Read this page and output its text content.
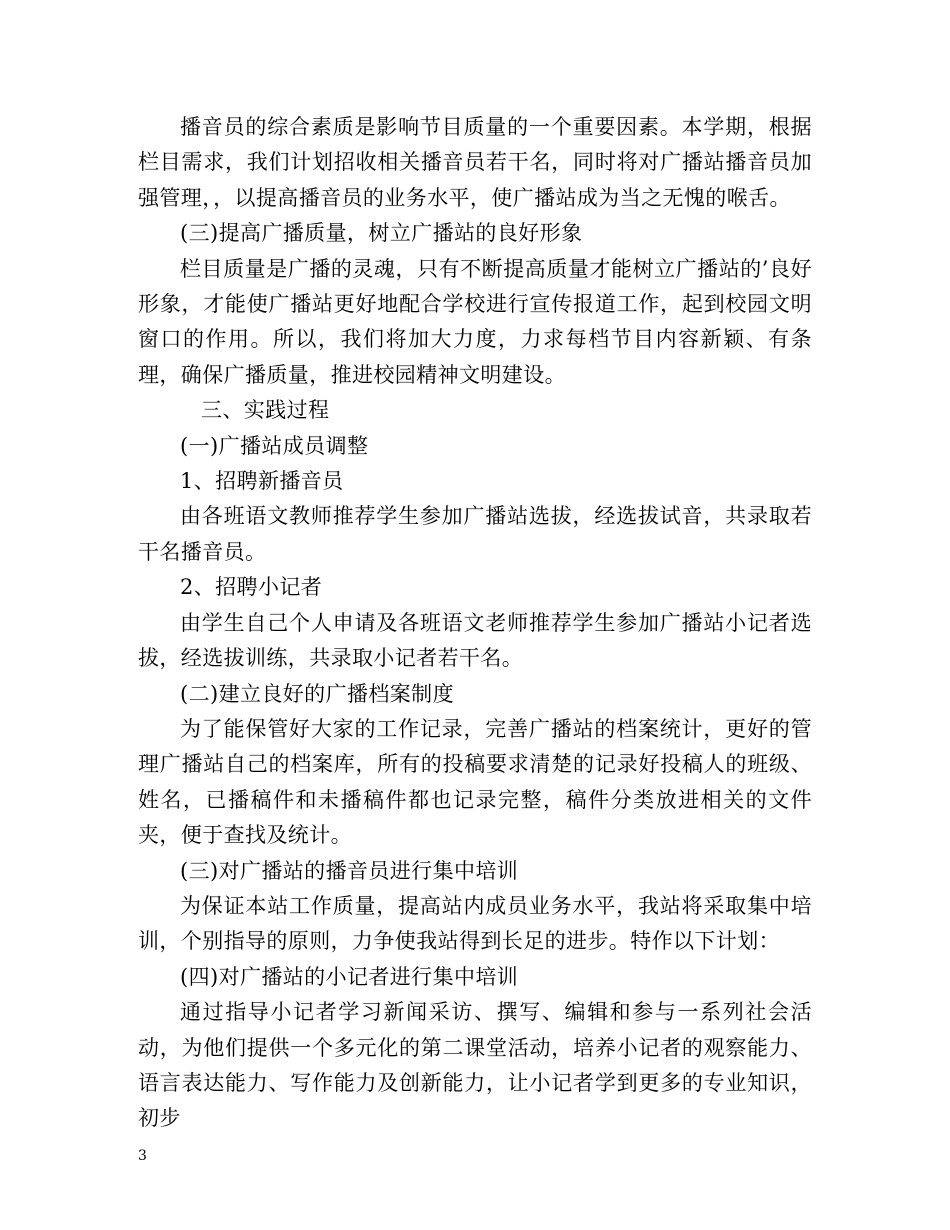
播音员的综合素质是影响节目质量的一个重要因素。本学期，根据栏目需求，我们计划招收相关播音员若干名，同时将对广播站播音员加强管理，，以提高播音员的业务水平，使广播站成为当之无愧的喉舌。

(三)提高广播质量，树立广播站的良好形象

栏目质量是广播的灵魂，只有不断提高质量才能树立广播站的’良好形象，才能使广播站更好地配合学校进行宣传报道工作，起到校园文明窗口的作用。所以，我们将加大力度，力求每档节目内容新颖、有条理，确保广播质量，推进校园精神文明建设。

三、实践过程

(一)广播站成员调整

1、招聘新播音员

由各班语文教师推荐学生参加广播站选拔，经选拔试音，共录取若干名播音员。

2、招聘小记者

由学生自己个人申请及各班语文老师推荐学生参加广播站小记者选拔，经选拔训练，共录取小记者若干名。

(二)建立良好的广播档案制度

为了能保管好大家的工作记录，完善广播站的档案统计，更好的管理广播站自己的档案库，所有的投稿要求清楚的记录好投稿人的班级、姓名，已播稿件和未播稿件都也记录完整，稿件分类放进相关的文件夹，便于查找及统计。

(三)对广播站的播音员进行集中培训

为保证本站工作质量，提高站内成员业务水平，我站将采取集中培训，个别指导的原则，力争使我站得到长足的进步。特作以下计划：

(四)对广播站的小记者进行集中培训

通过指导小记者学习新闻采访、撰写、编辑和参与一系列社会活动，为他们提供一个多元化的第二课堂活动，培养小记者的观察能力、语言表达能力、写作能力及创新能力，让小记者学到更多的专业知识，初步

3
